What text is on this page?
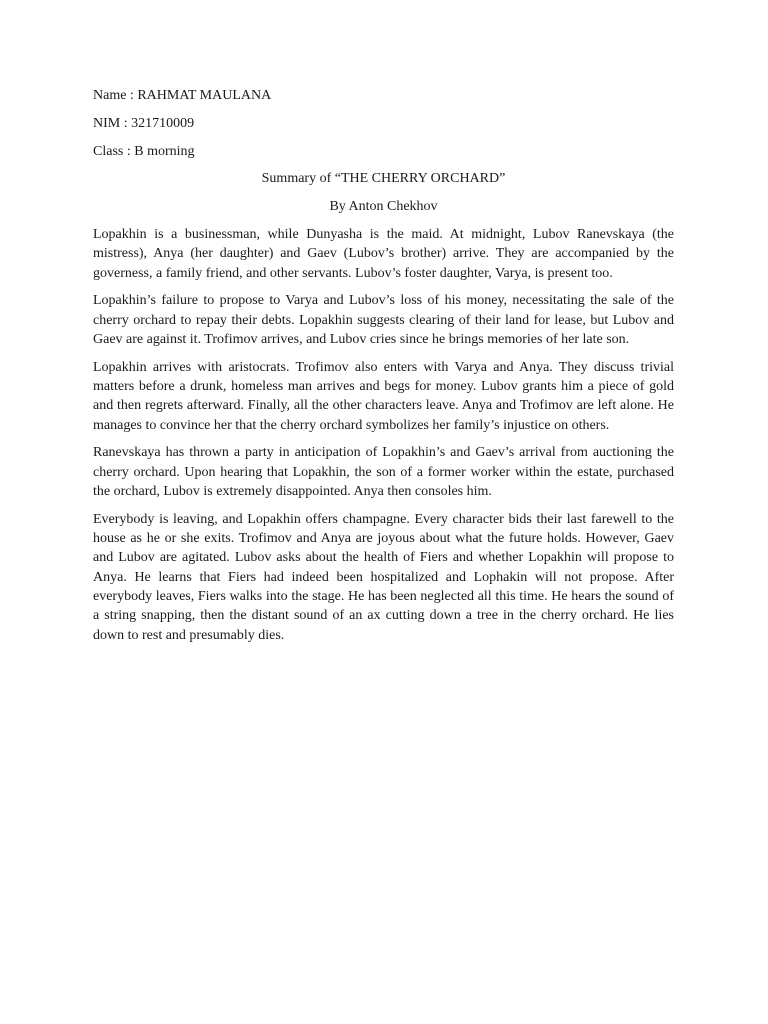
Name : RAHMAT MAULANA

NIM : 321710009

Class : B morning

Summary of “THE CHERRY ORCHARD”

By Anton Chekhov

Lopakhin is a businessman, while Dunyasha is the maid. At midnight, Lubov Ranevskaya (the mistress), Anya (her daughter) and Gaev (Lubov’s brother) arrive. They are accompanied by the governess, a family friend, and other servants. Lubov’s foster daughter, Varya, is present too.

Lopakhin’s failure to propose to Varya and Lubov’s loss of his money, necessitating the sale of the cherry orchard to repay their debts. Lopakhin suggests clearing of their land for lease, but Lubov and Gaev are against it. Trofimov arrives, and Lubov cries since he brings memories of her late son.

Lopakhin arrives with aristocrats. Trofimov also enters with Varya and Anya. They discuss trivial matters before a drunk, homeless man arrives and begs for money. Lubov grants him a piece of gold and then regrets afterward. Finally, all the other characters leave. Anya and Trofimov are left alone. He manages to convince her that the cherry orchard symbolizes her family’s injustice on others.

Ranevskaya has thrown a party in anticipation of Lopakhin’s and Gaev’s arrival from auctioning the cherry orchard. Upon hearing that Lopakhin, the son of a former worker within the estate, purchased the orchard, Lubov is extremely disappointed. Anya then consoles him.

Everybody is leaving, and Lopakhin offers champagne. Every character bids their last farewell to the house as he or she exits. Trofimov and Anya are joyous about what the future holds. However, Gaev and Lubov are agitated. Lubov asks about the health of Fiers and whether Lopakhin will propose to Anya. He learns that Fiers had indeed been hospitalized and Lophakin will not propose. After everybody leaves, Fiers walks into the stage. He has been neglected all this time. He hears the sound of a string snapping, then the distant sound of an ax cutting down a tree in the cherry orchard. He lies down to rest and presumably dies.
